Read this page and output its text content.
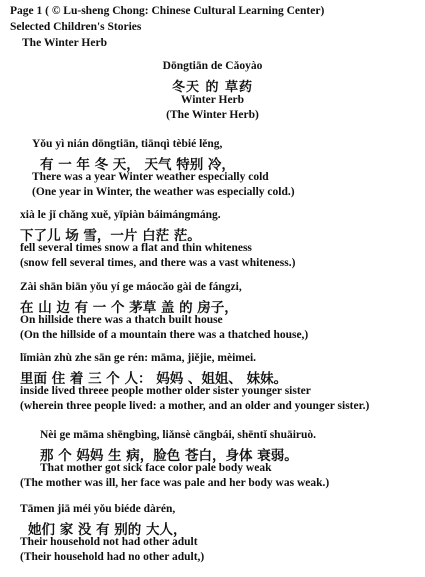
Page 1 ( © Lu-sheng Chong: Chinese Cultural Learning Center)
Selected Children's Stories
The Winter Herb
Dōngtiān de Cǎoyào
冬天 的 草药
Winter Herb
(The Winter Herb)
Yǒu yì nián dōngtiān, tiānqì tèbié lěng,
有 一 年 冬 天， 天气 特别 冷，
There was a year Winter weather especially cold
(One year in Winter, the weather was especially cold.)
xià le jǐ chǎng xuě, yīpiàn báimángmáng.
下了儿 场 雪，一片 白茫 茫。
fell several times snow a flat and thin whiteness
(snow fell several times, and there was a vast whiteness.)
Zài shān biān yǒu yí ge máocǎo gài de fángzi,
在 山 边 有 一 个 茅草 盖 的 房子，
On hillside there was a thatch built house
(On the hillside of a mountain there was a thatched house,)
lǐmiàn zhù zhe sān ge rén: māma, jiějie, mèimei.
里面 住 着 三 个 人： 妈妈 、姐姐、 妹妹。
inside lived threee people mother older sister younger sister
(wherein three people lived: a mother, and an older and younger sister.)
Nèi ge māma shēngbìng, liǎnsè cāngbái, shēntǐ shuāiruò.
那 个 妈妈 生 病，脸色 苍白，身体 衰弱。
That mother got sick face color pale body weak
(The mother was ill, her face was pale and her body was weak.)
Tāmen jiā méi yǒu biéde dàrén,
她们 家 没 有 别的 大人，
Their household not had other adult
(Their household had no other adult,)
